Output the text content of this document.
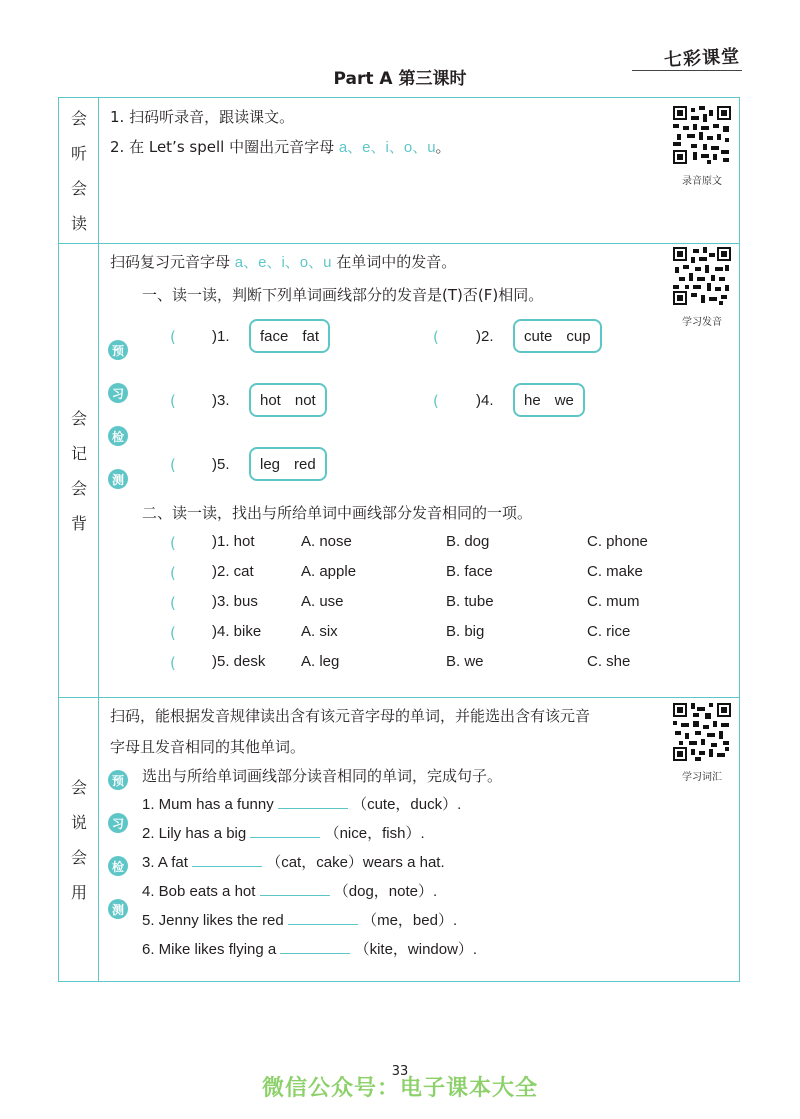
七彩课堂
Part A 第三课时
会
听
会
读
1. 扫码听录音，跟读课文。
2. 在 Let’s spell 中圈出元音字母 a、e、i、o、u。
录音原文
会
记
会
背
扫码复习元音字母 a、e、i、o、u 在单词中的发音。
一、读一读，判断下列单词画线部分的发音是(T)否(F)相同。
预
习
检
测
( )1. face fat	( )2. cute cup
( )3. hot not	( )4. he we
( )5. leg red
二、读一读，找出与所给单词中画线部分发音相同的一项。
( )1. hot	A. nose	B. dog	C. phone
( )2. cat	A. apple	B. face	C. make
( )3. bus	A. use	B. tube	C. mum
( )4. bike	A. six	B. big	C. rice
( )5. desk A. leg	B. we	C. she
学习发音
会
说
会
用
扫码，能根据发音规律读出含有该元音字母的单词，并能选出含有该元音
字母且发音相同的其他单词。
预
习
检
测
选出与所给单词画线部分读音相同的单词，完成句子。
1. Mum has a funny	（cute，duck）.
2. Lily has a big	（nice，fish）.
3. A fat	（cat，cake）wears a hat.
4. Bob eats a hot	（dog，note）.
5. Jenny likes the red	（me，bed）.
6. Mike likes flying a	（kite，window）.
学习词汇
33
微信公众号：电子课本大全
